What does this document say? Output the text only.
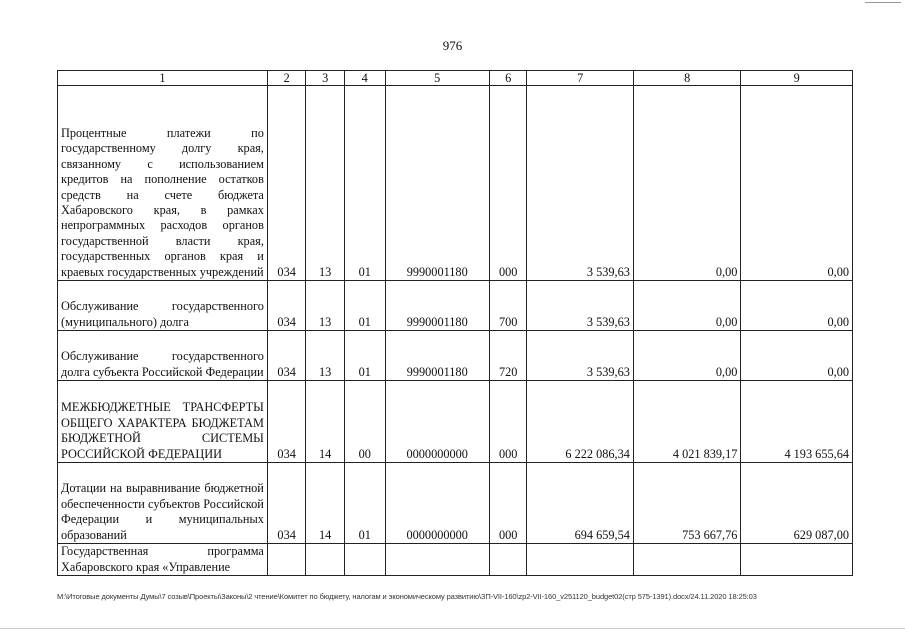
976
1	2	3	4	5	6	7	8	9
Процентные платежи по государственному долгу края, связанному с использованием кредитов на пополнение остатков средств на счете бюджета Хабаровского края, в рамках непрограммных расходов органов государственной власти края, государственных органов края и краевых государственных учреждений	034	13	01	9990001180	000	3 539,63	0,00	0,00
Обслуживание государственного (муниципального) долга	034	13	01	9990001180	700	3 539,63	0,00	0,00
Обслуживание государственного долга субъекта Российской Федерации	034	13	01	9990001180	720	3 539,63	0,00	0,00
МЕЖБЮДЖЕТНЫЕ ТРАНСФЕРТЫ ОБЩЕГО ХАРАКТЕРА БЮДЖЕТАМ БЮДЖЕТНОЙ СИСТЕМЫ РОССИЙСКОЙ ФЕДЕРАЦИИ	034	14	00	0000000000	000	6 222 086,34	4 021 839,17	4 193 655,64
Дотации на выравнивание бюджетной обеспеченности субъектов Российской Федерации и муниципальных образований	034	14	01	0000000000	000	694 659,54	753 667,76	629 087,00
Государственная программа Хабаровского края «Управление								
M:\Итоговые документы Думы\7 созыв\Проекты\Законы\2 чтение\Комитет по бюджету, налогам и экономическому развитию\ЗП-VII-160\zp2-VII-160_v251120_budget02(стр 575-1391).docx/24.11.2020 18:25:03
